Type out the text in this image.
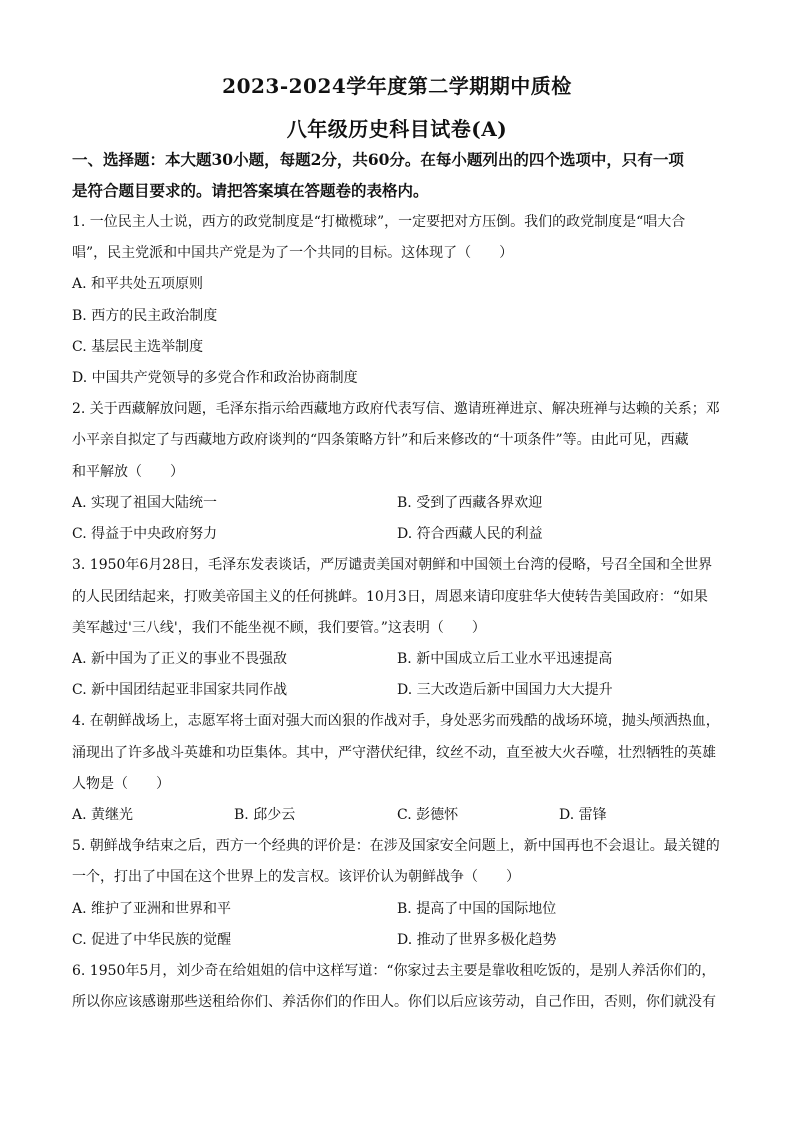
2023-2024学年度第二学期期中质检
八年级历史科目试卷(A)
一、选择题：本大题30小题，每题2分，共60分。在每小题列出的四个选项中，只有一项
是符合题目要求的。请把答案填在答题卷的表格内。
1. 一位民主人士说，西方的政党制度是“打橄榄球”，一定要把对方压倒。我们的政党制度是“唱大合
唱”，民主党派和中国共产党是为了一个共同的目标。这体现了（　　）
A. 和平共处五项原则
B. 西方的民主政治制度
C. 基层民主选举制度
D. 中国共产党领导的多党合作和政治协商制度
2. 关于西藏解放问题，毛泽东指示给西藏地方政府代表写信、邀请班禅进京、解决班禅与达赖的关系；邓
小平亲自拟定了与西藏地方政府谈判的“四条策略方针”和后来修改的“十项条件”等。由此可见，西藏
和平解放（　　）
A. 实现了祖国大陆统一	B. 受到了西藏各界欢迎
C. 得益于中央政府努力	D. 符合西藏人民的利益
3. 1950年6月28日，毛泽东发表谈话，严厉谴责美国对朝鲜和中国领土台湾的侵略，号召全国和全世界
的人民团结起来，打败美帝国主义的任何挑衅。10月3日，周恩来请印度驻华大使转告美国政府：“如果
美军越过'三八线'，我们不能坐视不顾，我们要管。”这表明（　　）
A. 新中国为了正义的事业不畏强敌	B. 新中国成立后工业水平迅速提高
C. 新中国团结起亚非国家共同作战	D. 三大改造后新中国国力大大提升
4. 在朝鲜战场上，志愿军将士面对强大而凶狠的作战对手，身处恶劣而残酷的战场环境，抛头颅洒热血，
涌现出了许多战斗英雄和功臣集体。其中，严守潜伏纪律，纹丝不动，直至被大火吞噬，壮烈牺牲的英雄
人物是（　　）
A. 黄继光	B. 邱少云	C. 彭德怀	D. 雷锋
5. 朝鲜战争结束之后，西方一个经典的评价是：在涉及国家安全问题上，新中国再也不会退让。最关键的
一个，打出了中国在这个世界上的发言权。该评价认为朝鲜战争（　　）
A. 维护了亚洲和世界和平	B. 提高了中国的国际地位
C. 促进了中华民族的觉醒	D. 推动了世界多极化趋势
6. 1950年5月，刘少奇在给姐姐的信中这样写道：“你家过去主要是靠收租吃饭的，是别人养活你们的，
所以你应该感谢那些送租给你们、养活你们的作田人。你们以后应该劳动，自己作田，否则，你们就没有
